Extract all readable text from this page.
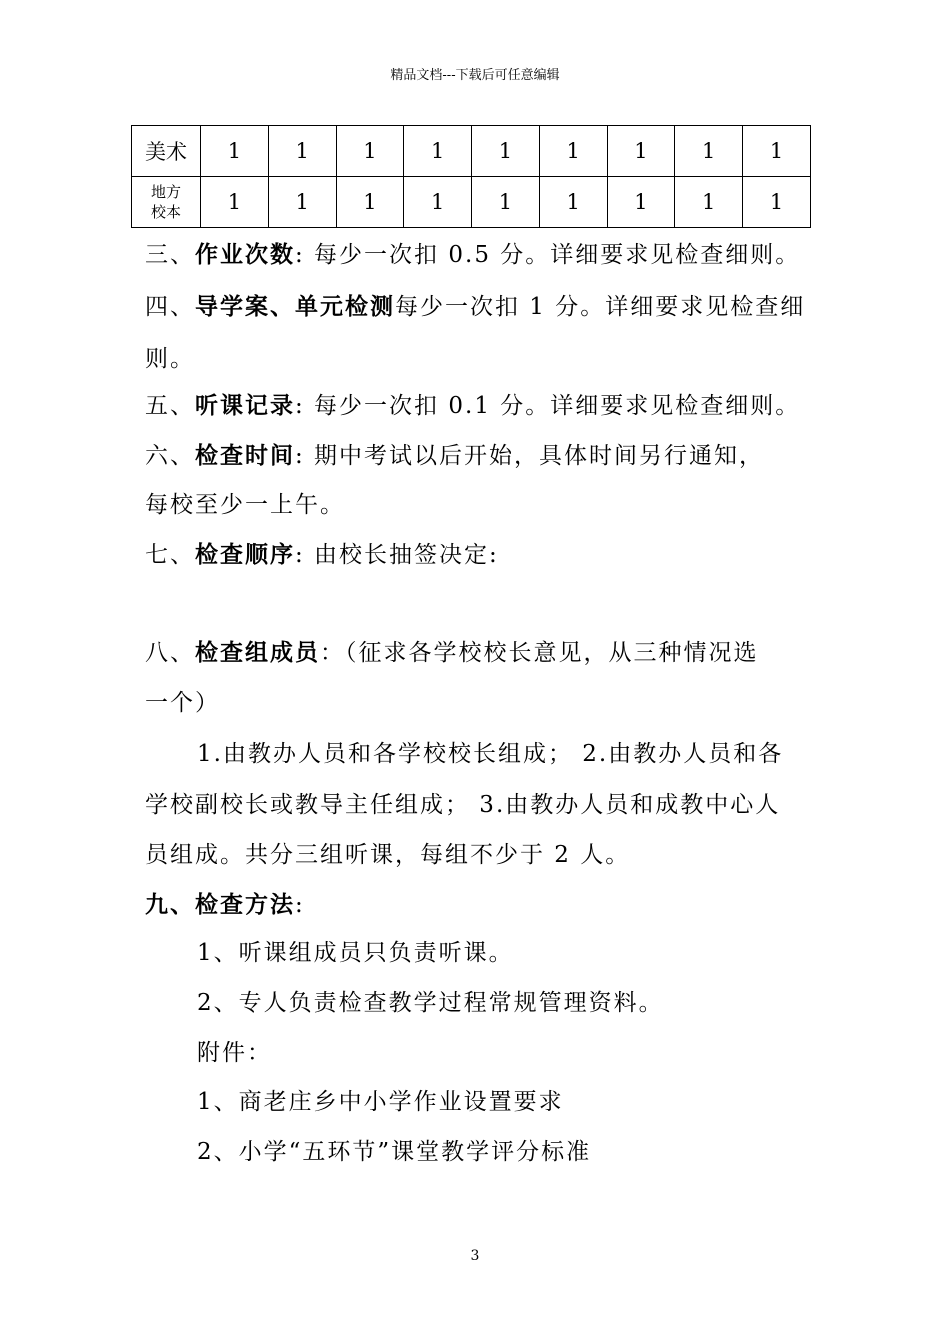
精品文档---下载后可任意编辑
美术	1	1	1	1	1	1	1	1	1
地方
校本	1	1	1	1	1	1	1	1	1
三、作业次数: 每少一次扣 0.5 分。详细要求见检查细则。
四、导学案、单元检测每少一次扣 1 分。详细要求见检查细
则。
五、听课记录: 每少一次扣 0.1 分。详细要求见检查细则。
六、检查时间: 期中考试以后开始，具体时间另行通知，
每校至少一上午。
七、检查顺序: 由校长抽签决定:
八、检查组成员：（征求各学校校长意见，从三种情况选
一个）
1.由教办人员和各学校校长组成； 2.由教办人员和各
学校副校长或教导主任组成； 3.由教办人员和成教中心人
员组成。共分三组听课，每组不少于 2 人。
九、检查方法:
1、听课组成员只负责听课。
2、专人负责检查教学过程常规管理资料。
附件：
1、商老庄乡中小学作业设置要求
2、小学“五环节”课堂教学评分标准
3
